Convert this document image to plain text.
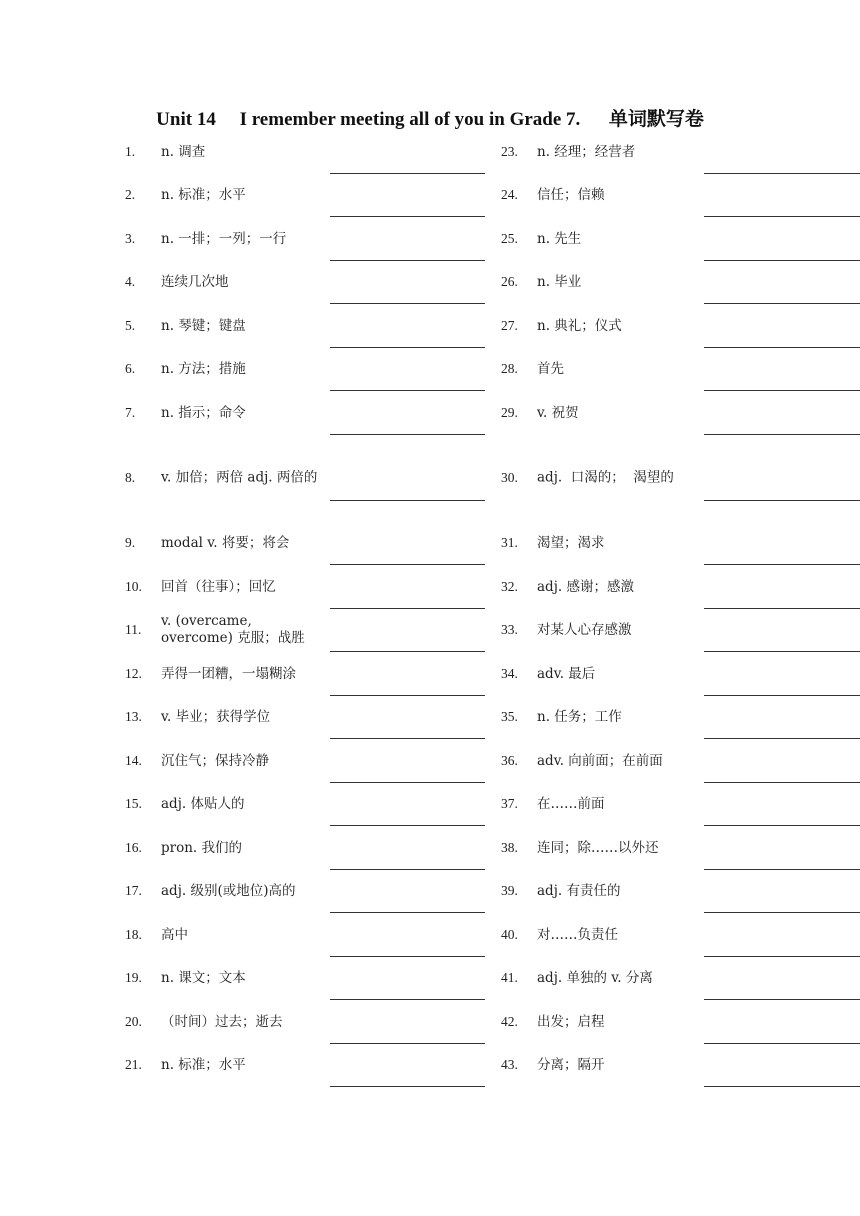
Unit 14 I remember meeting all of you in Grade 7. 单词默写卷
1. n. 调查
2. n. 标准；水平
3. n. 一排；一列；一行
4. 连续几次地
5. n. 琴键；键盘
6. n. 方法；措施
7. n. 指示；命令
8. v. 加倍；两倍 adj. 两倍的
9. modal v. 将要；将会
10. 回首（往事）；回忆
11.
v. (overcame, overcome) 克服；战胜
12. 弄得一团糟，一塌糊涂
13. v. 毕业；获得学位
14. 沉住气；保持冷静
15. adj. 体贴人的
16. pron. 我们的
17. adj. 级别(或地位)高的
18. 高中
19. n. 课文；文本
20. （时间）过去；逝去
21. n. 标准；水平
23. n. 经理；经营者
24. 信任；信赖
25. n. 先生
26. n. 毕业
27. n. 典礼；仪式
28. 首先
29. v. 祝贺
30. adj.  口渴的；  渴望的
31. 渴望；渴求
32. adj. 感谢；感激
33. 对某人心存感激
34. adv. 最后
35. n. 任务；工作
36. adv. 向前面；在前面
37. 在……前面
38. 连同；除……以外还
39. adj. 有责任的
40. 对……负责任
41. adj. 单独的 v. 分离
42. 出发；启程
43. 分离；隔开
